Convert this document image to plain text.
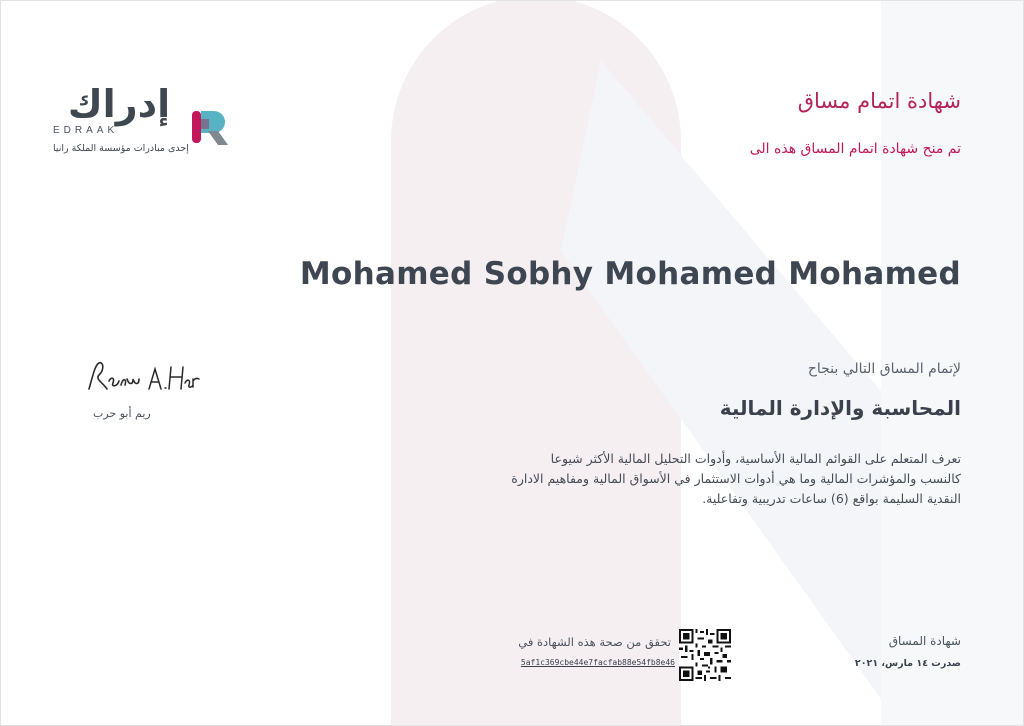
إدراك
EDRAAK
إحدى مبادرات مؤسسة الملكة رانيا
ريم أبو حرب
شهادة اتمام مساق
تم منح شهادة اتمام المساق هذه الى
Mohamed Sobhy Mohamed Mohamed
لإتمام المساق التالي بنجاح
المحاسبة والإدارة المالية
تعرف المتعلم على القوائم المالية الأساسية، وأدوات التحليل المالية الأكثر شيوعا كالنسب والمؤشرات المالية وما هي أدوات الاستثمار في الأسواق المالية ومفاهيم الادارة النقدية السليمة بواقع (6) ساعات تدريبية وتفاعلية.
تحقق من صحة هذه الشهادة في
5af1c369cbe44e7facfab88e54fb8e46
شهادة المساق
صدرت ١٤ مارس، ٢٠٢١
